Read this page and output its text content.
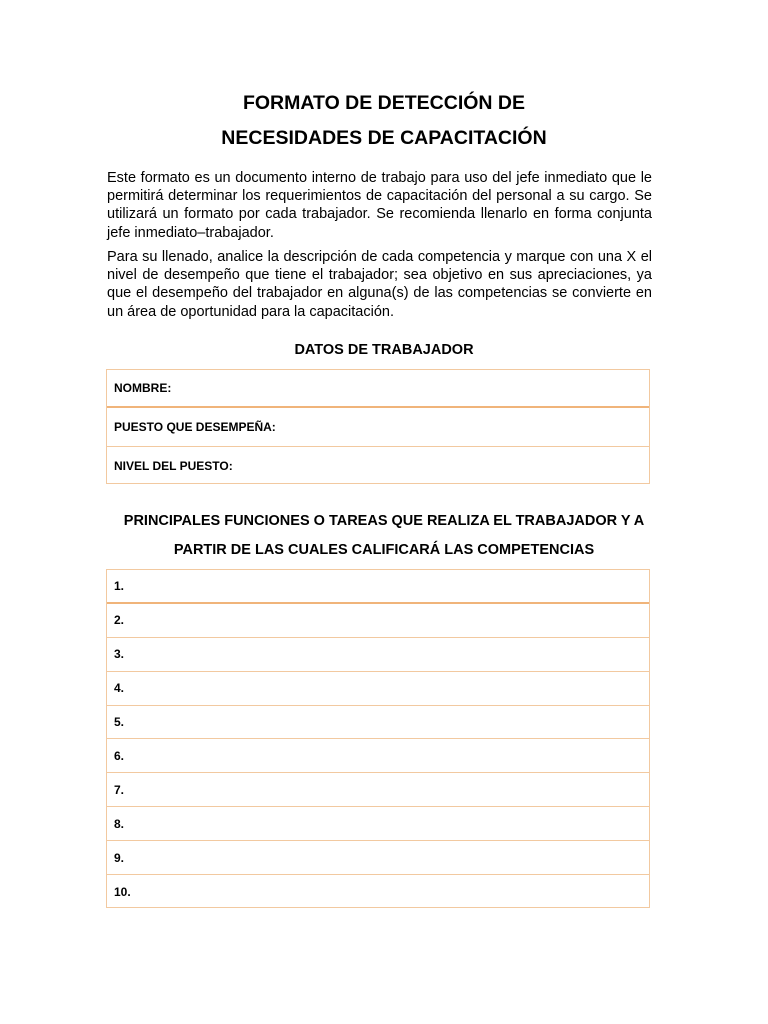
FORMATO DE DETECCIÓN DE
NECESIDADES DE CAPACITACIÓN

Este formato es un documento interno de trabajo para uso del jefe inmediato que le permitirá determinar los requerimientos de capacitación del personal a su cargo. Se utilizará un formato por cada trabajador. Se recomienda llenarlo en forma conjunta jefe inmediato–trabajador.

Para su llenado, analice la descripción de cada competencia y marque con una X el nivel de desempeño que tiene el trabajador; sea objetivo en sus apreciaciones, ya que el desempeño del trabajador en alguna(s) de las competencias se convierte en un área de oportunidad para la capacitación.

DATOS DE TRABAJADOR
NOMBRE:
PUESTO QUE DESEMPEÑA:
NIVEL DEL PUESTO:
PRINCIPALES FUNCIONES O TAREAS QUE REALIZA EL TRABAJADOR Y A
PARTIR DE LAS CUALES CALIFICARÁ LAS COMPETENCIAS
1.
2.
3.
4.
5.
6.
7.
8.
9.
10.
